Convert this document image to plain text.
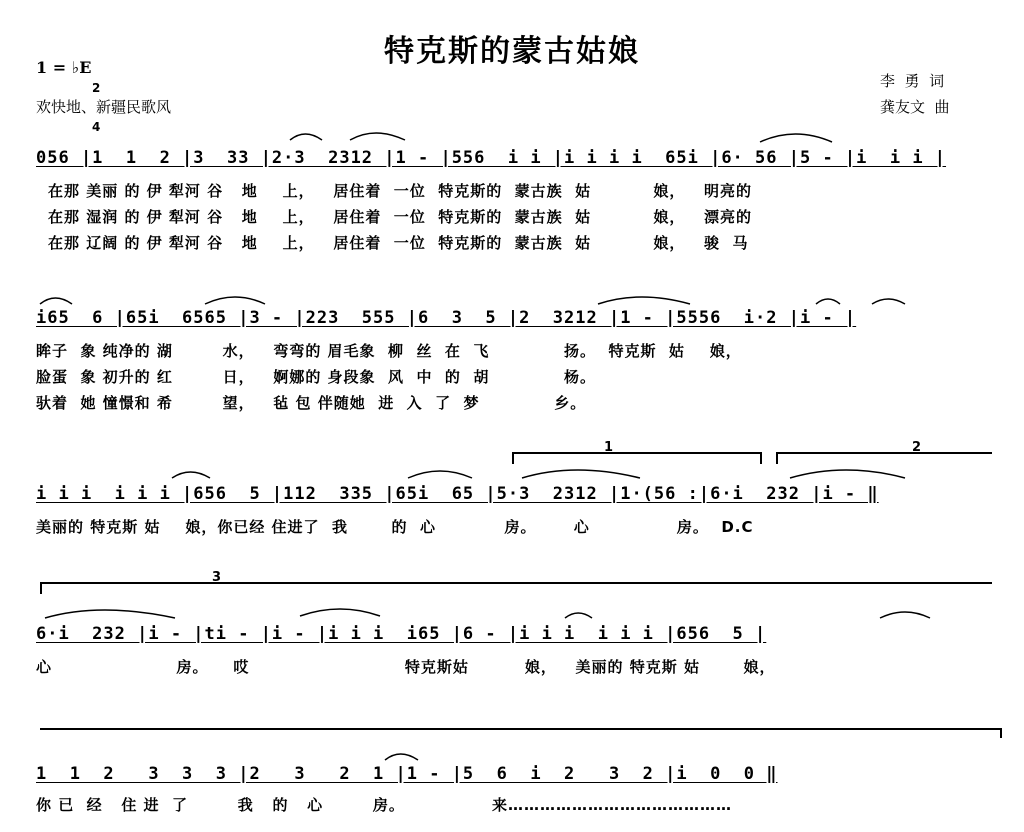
特克斯的蒙古姑娘
1 = ♭E

2

4

欢快地、新疆民歌风
李  勇  词
龚友文  曲
056 |1  1  2 |3  33 |2·3  2312 |1 - |556  i i |i i i i  65i |6· 56 |5 - |i  i i |
在那 美丽 的 伊 犁河 谷   地    上，   居住着  一位  特克斯的  蒙古族  姑          娘，   明亮的
在那 湿润 的 伊 犁河 谷   地    上，   居住着  一位  特克斯的  蒙古族  姑          娘，   漂亮的
在那 辽阔 的 伊 犁河 谷   地    上，   居住着  一位  特克斯的  蒙古族  姑          娘，   骏  马
i65  6 |65i  6565 |3 - |223  555 |6  3  5 |2  3212 |1 - |5556  i·2 |i - |
眸子  象 纯净的 湖        水，   弯弯的 眉毛象  柳  丝  在  飞            扬。  特克斯  姑    娘，
脸蛋  象 初升的 红        日，   婀娜的 身段象  风  中  的  胡            杨。
驮着  她 憧憬和 希        望，   毡 包 伴随她  进  入  了  梦            乡。
1	2
i i i  i i i |656  5 |112  335 |65i  65 |5·3  2312 |1·(56 :|6·i  232 |i - ‖
美丽的 特克斯 姑    娘，你已经 住进了  我       的  心           房。      心              房。  D.C
3
6·i  232 |i - |ti - |i - |i i i  i65 |6 - |i i i  i i i |656  5 |
心                    房。    哎                         特克斯姑         娘，   美丽的 特克斯 姑       娘，
1  1  2   3  3  3 |2   3   2  1 |1 - |5  6  i  2   3  2 |i  0  0 ‖
你 已  经   住 进  了        我   的   心        房。              来……………………………………
